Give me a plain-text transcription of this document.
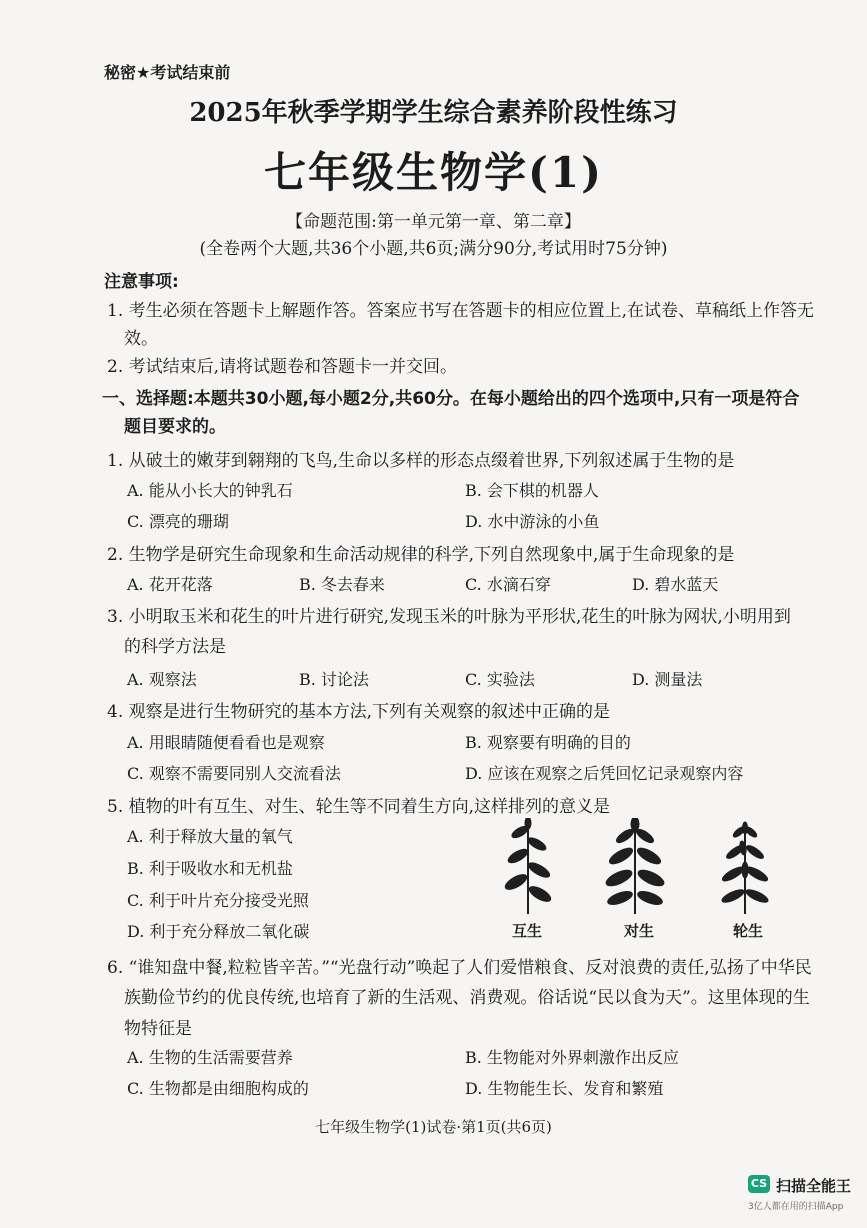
秘密★考试结束前
2025年秋季学期学生综合素养阶段性练习
七年级生物学(1)
【命题范围:第一单元第一章、第二章】
(全卷两个大题,共36个小题,共6页;满分90分,考试用时75分钟)
注意事项:
1. 考生必须在答题卡上解题作答。答案应书写在答题卡的相应位置上,在试卷、草稿纸上作答无
效。
2. 考试结束后,请将试题卷和答题卡一并交回。
一、选择题:本题共30小题,每小题2分,共60分。在每小题给出的四个选项中,只有一项是符合
题目要求的。
1. 从破土的嫩芽到翱翔的飞鸟,生命以多样的形态点缀着世界,下列叙述属于生物的是
A. 能从小长大的钟乳石	B. 会下棋的机器人
C. 漂亮的珊瑚	D. 水中游泳的小鱼
2. 生物学是研究生命现象和生命活动规律的科学,下列自然现象中,属于生命现象的是
A. 花开花落	B. 冬去春来	C. 水滴石穿	D. 碧水蓝天
3. 小明取玉米和花生的叶片进行研究,发现玉米的叶脉为平形状,花生的叶脉为网状,小明用到
的科学方法是
A. 观察法	B. 讨论法	C. 实验法	D. 测量法
4. 观察是进行生物研究的基本方法,下列有关观察的叙述中正确的是
A. 用眼睛随便看看也是观察	B. 观察要有明确的目的
C. 观察不需要同别人交流看法	D. 应该在观察之后凭回忆记录观察内容
5. 植物的叶有互生、对生、轮生等不同着生方向,这样排列的意义是
A. 利于释放大量的氧气
B. 利于吸收水和无机盐
C. 利于叶片充分接受光照
D. 利于充分释放二氧化碳	互生	对生	轮生
6. “谁知盘中餐,粒粒皆辛苦。”“光盘行动”唤起了人们爱惜粮食、反对浪费的责任,弘扬了中华民
族勤俭节约的优良传统,也培育了新的生活观、消费观。俗话说“民以食为天”。这里体现的生
物特征是
A. 生物的生活需要营养	B. 生物能对外界刺激作出反应
C. 生物都是由细胞构成的	D. 生物能生长、发育和繁殖
七年级生物学(1)试卷·第1页(共6页)
CS 扫描全能王
3亿人都在用的扫描App
